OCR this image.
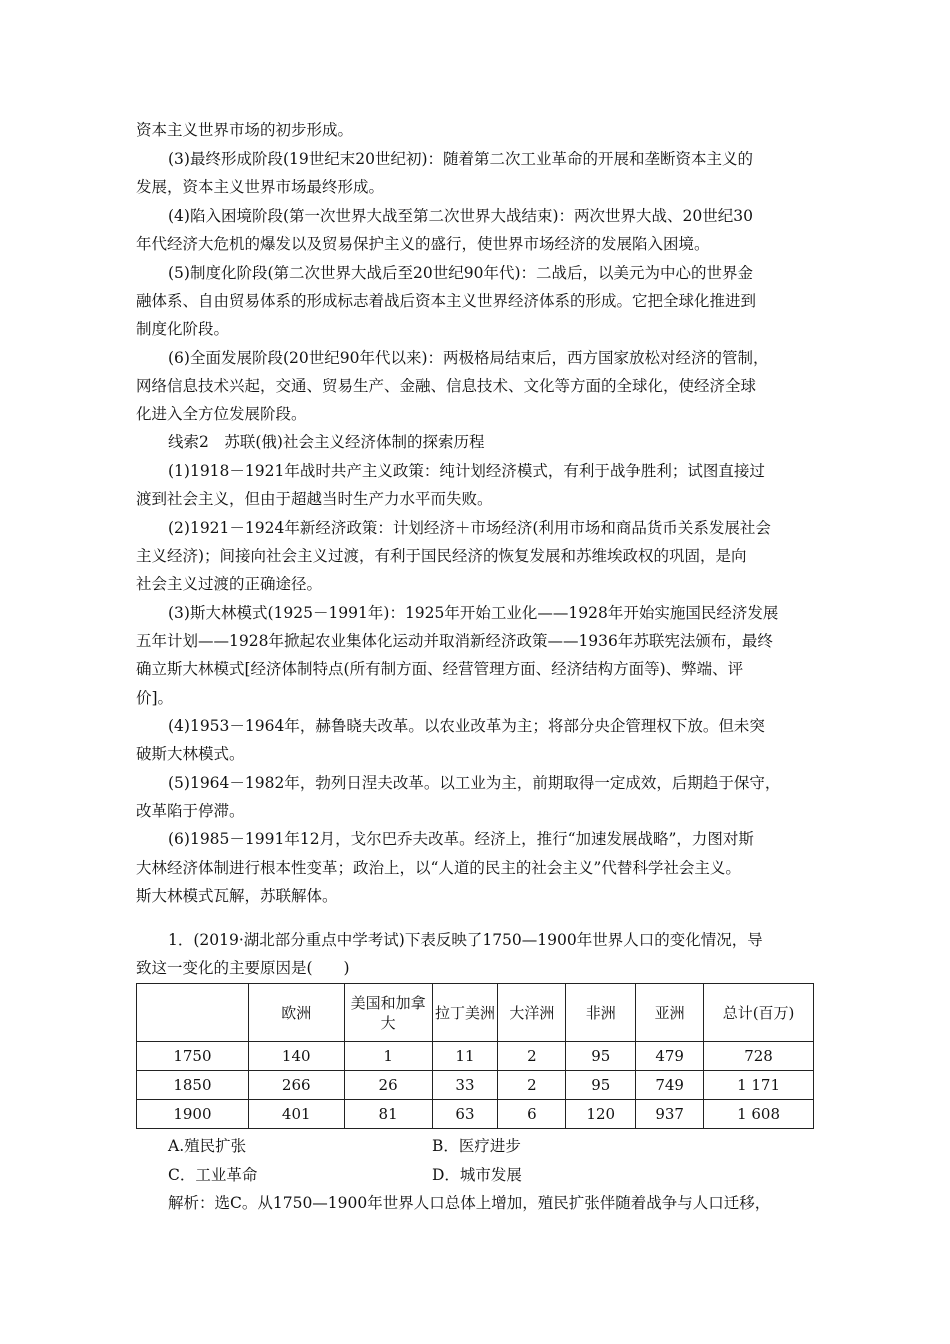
资本主义世界市场的初步形成。
(3)最终形成阶段(19世纪末20世纪初)：随着第二次工业革命的开展和垄断资本主义的
发展，资本主义世界市场最终形成。
(4)陷入困境阶段(第一次世界大战至第二次世界大战结束)：两次世界大战、20世纪30
年代经济大危机的爆发以及贸易保护主义的盛行，使世界市场经济的发展陷入困境。
(5)制度化阶段(第二次世界大战后至20世纪90年代)：二战后，以美元为中心的世界金
融体系、自由贸易体系的形成标志着战后资本主义世界经济体系的形成。它把全球化推进到
制度化阶段。
(6)全面发展阶段(20世纪90年代以来)：两极格局结束后，西方国家放松对经济的管制，
网络信息技术兴起，交通、贸易生产、金融、信息技术、文化等方面的全球化，使经济全球
化进入全方位发展阶段。
线索2　苏联(俄)社会主义经济体制的探索历程
(1)1918－1921年战时共产主义政策：纯计划经济模式，有利于战争胜利；试图直接过
渡到社会主义，但由于超越当时生产力水平而失败。
(2)1921－1924年新经济政策：计划经济＋市场经济(利用市场和商品货币关系发展社会
主义经济)；间接向社会主义过渡，有利于国民经济的恢复发展和苏维埃政权的巩固，是向
社会主义过渡的正确途径。
(3)斯大林模式(1925－1991年)：1925年开始工业化——1928年开始实施国民经济发展
五年计划——1928年掀起农业集体化运动并取消新经济政策——1936年苏联宪法颁布，最终
确立斯大林模式[经济体制特点(所有制方面、经营管理方面、经济结构方面等)、弊端、评
价]。
(4)1953－1964年，赫鲁晓夫改革。以农业改革为主；将部分央企管理权下放。但未突
破斯大林模式。
(5)1964－1982年，勃列日涅夫改革。以工业为主，前期取得一定成效，后期趋于保守，
改革陷于停滞。
(6)1985－1991年12月，戈尔巴乔夫改革。经济上，推行“加速发展战略”，力图对斯
大林经济体制进行根本性变革；政治上，以“人道的民主的社会主义”代替科学社会主义。
斯大林模式瓦解，苏联解体。
1．(2019·湖北部分重点中学考试)下表反映了1750—1900年世界人口的变化情况，导
致这一变化的主要原因是(　　)
	欧洲	美国和加拿大	拉丁美洲	大洋洲	非洲	亚洲	总计(百万)
1750	140	1	11	2	95	479	728
1850	266	26	33	2	95	749	1 171
1900	401	81	63	6	120	937	1 608
A.殖民扩张	B．医疗进步
C．工业革命	D．城市发展
解析：选C。从1750—1900年世界人口总体上增加，殖民扩张伴随着战争与人口迁移，
